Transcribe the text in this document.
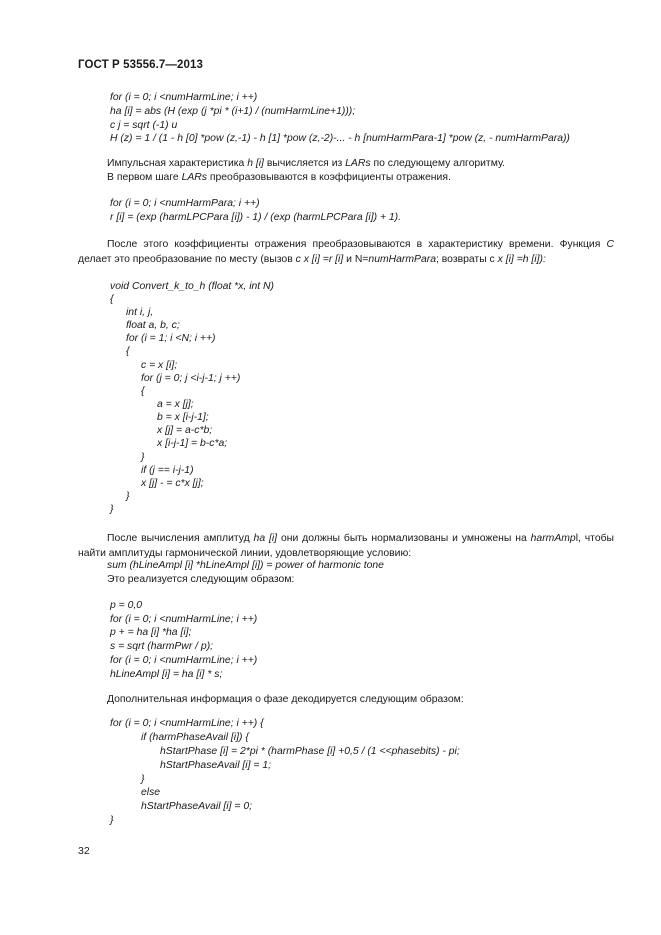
ГОСТ Р 53556.7—2013
for (i = 0; i <numHarmLine; i ++)
ha [i] = abs (H (exp (j *pi * (i+1) / (numHarmLine+1)));
c j = sqrt (-1) и
H (z) = 1 / (1 - h [0] *pow (z,-1) - h [1] *pow (z,-2)-... - h [numHarmPara-1] *pow (z, - numHarmPara))
Импульсная характеристика h [i] вычисляется из LARs по следующему алгоритму.
В первом шаге LARs преобразовываются в коэффициенты отражения.
for (i = 0; i <numHarmPara; i ++)
r [i] = (exp (harmLPCPara [i]) - 1) / (exp (harmLPCPara [i]) + 1).
После этого коэффициенты отражения преобразовываются в характеристику времени. Функция С делает это преобразование по месту (вызов с x [i] =r [i] и N=numHarmPara; возвраты с x [i] =h [i]):
void Convert_k_to_h (float *x, int N)
{
int i, j,
float a, b, c;
for (i = 1; i <N; i ++)
{
c = x [i];
for (j = 0; j <i-j-1; j ++)
{
a = x [j];
b = x [i-j-1];
x [j] = a-c*b;
x [i-j-1] = b-c*a;
}
if (j == i-j-1)
x [j] - = c*x [j];
}
}
После вычисления амплитуд ha [i] они должны быть нормализованы и умножены на harmAmpl, чтобы найти амплитуды гармонической линии, удовлетворяющие условию:
sum (hLineAmpl [i] *hLineAmpl [i]) = power of harmonic tone
Это реализуется следующим образом:
p = 0,0
for (i = 0; i <numHarmLine; i ++)
p + = ha [i] *ha [i];
s = sqrt (harmPwr / p);
for (i = 0; i <numHarmLine; i ++)
hLineAmpl [i] = ha [i] * s;
Дополнительная информация о фазе декодируется следующим образом:
for (i = 0; i <numHarmLine; i ++) {
if (harmPhaseAvail [i]) {
hStartPhase [i] = 2*pi * (harmPhase [i] +0,5 / (1 <<phasebits) - pi;
hStartPhaseAvail [i] = 1;
}
else
hStartPhaseAvail [i] = 0;
}
32
